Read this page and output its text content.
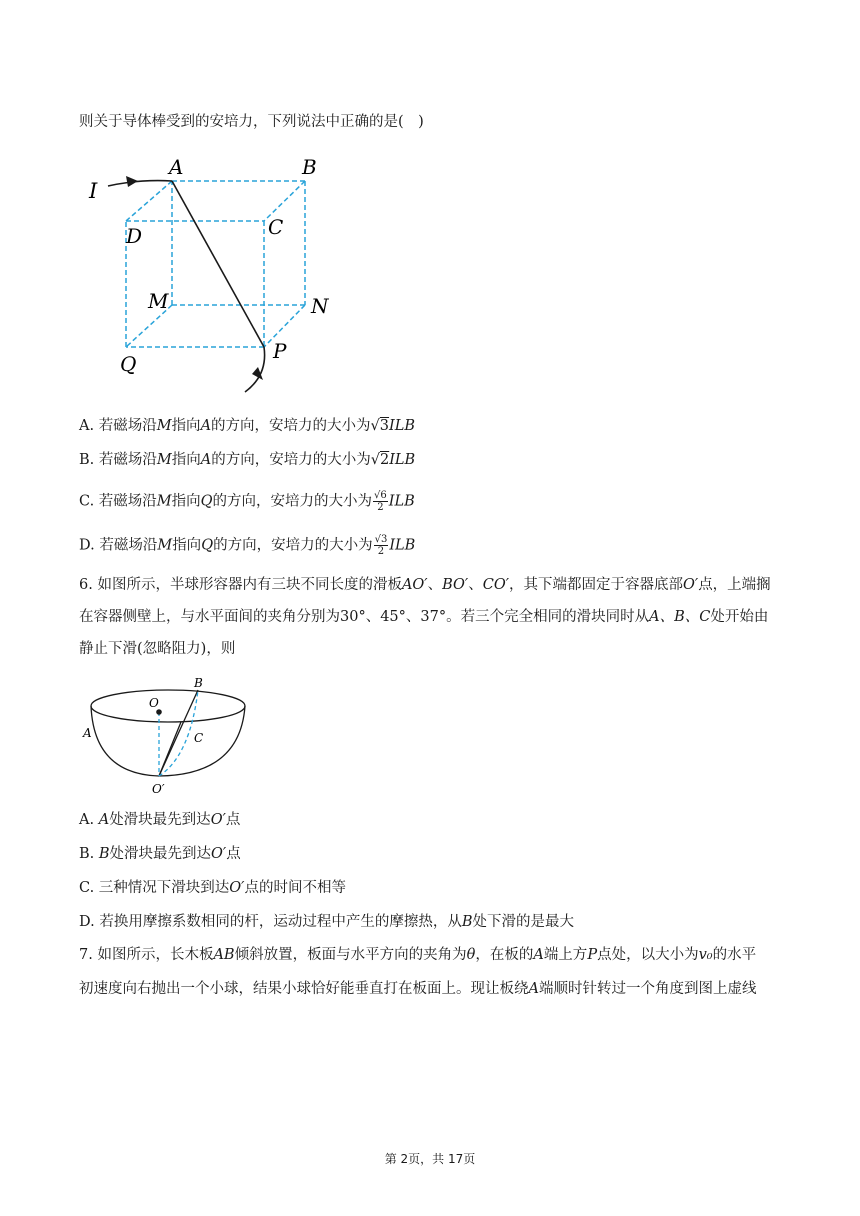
则关于导体棒受到的安培力，下列说法中正确的是(　)
I
A	B
C
D
M	N
Q
P
A. 若磁场沿M指向A的方向，安培力的大小为√3ILB
B. 若磁场沿M指向A的方向，安培力的大小为√2ILB
C. 若磁场沿M指向Q的方向，安培力的大小为 $\frac{√6}{2}$ ILB
D. 若磁场沿M指向Q的方向，安培力的大小为 $\frac{√3}{2}$ ILB
6. 如图所示，半球形容器内有三块不同长度的滑板AO′、BO′、CO′，其下端都固定于容器底部O′点，上端搁
在容器侧壁上，与水平面间的夹角分别为30°、45°、37°。若三个完全相同的滑块同时从A、B、C处开始由
静止下滑(忽略阻力)，则
O
A
B
C
O′
A. A处滑块最先到达O′点
B. B处滑块最先到达O′点
C. 三种情况下滑块到达O′点的时间不相等
D. 若换用摩擦系数相同的杆，运动过程中产生的摩擦热，从B处下滑的是最大
7. 如图所示，长木板AB倾斜放置，板面与水平方向的夹角为θ，在板的A端上方P点处，以大小为v₀的水平
初速度向右抛出一个小球，结果小球恰好能垂直打在板面上。现让板绕A端顺时针转过一个角度到图上虚线
第 2页，共 17页
